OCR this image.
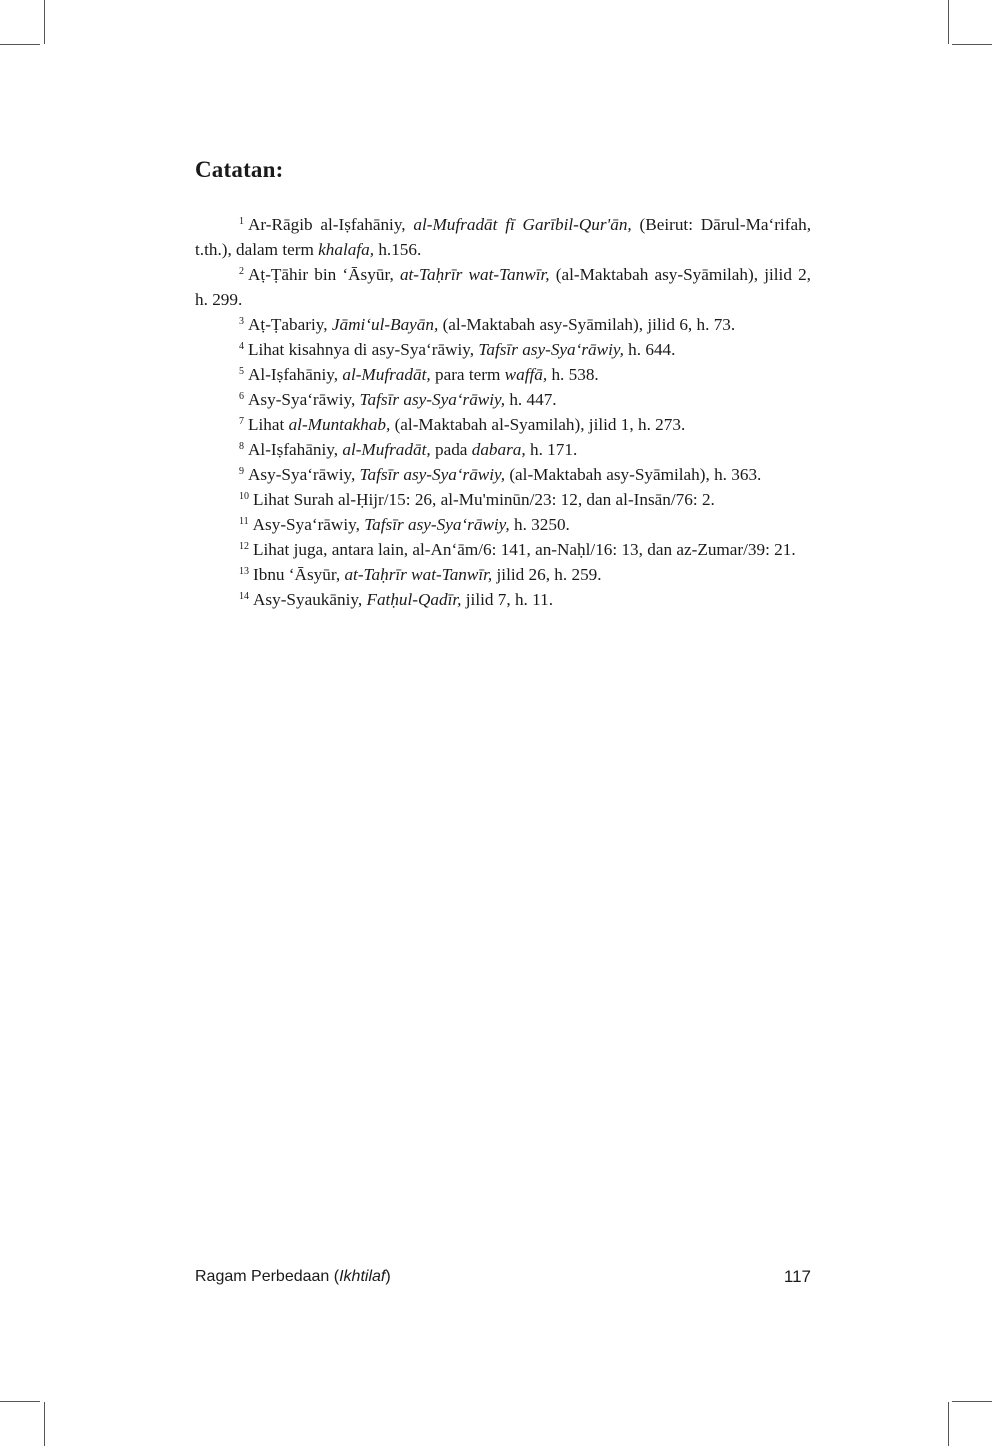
Catatan:

$^1$ Ar-Rāgib al-Iṣfahāniy, al-Mufradāt fī Garībil-Qur'ān, (Beirut: Dārul-Ma‘rifah, t.th.), dalam term khalafa, h.156.

$^2$ Aṭ-Ṭāhir bin ‘Āsyūr, at-Taḥrīr wat-Tanwīr, (al-Maktabah asy-Syāmilah), jilid 2, h. 299.

$^3$ Aṭ-Ṭabariy, Jāmi‘ul-Bayān, (al-Maktabah asy-Syāmilah), jilid 6, h. 73.

$^4$ Lihat kisahnya di asy-Sya‘rāwiy, Tafsīr asy-Sya‘rāwiy, h. 644.

$^5$ Al-Iṣfahāniy, al-Mufradāt, para term waffā, h. 538.

$^6$ Asy-Sya‘rāwiy, Tafsīr asy-Sya‘rāwiy, h. 447.

$^7$ Lihat al-Muntakhab, (al-Maktabah al-Syamilah), jilid 1, h. 273.

$^8$ Al-Iṣfahāniy, al-Mufradāt, pada dabara, h. 171.

$^9$ Asy-Sya‘rāwiy, Tafsīr asy-Sya‘rāwiy, (al-Maktabah asy-Syāmilah), h. 363.

$^{10}$ Lihat Surah al-Ḥijr/15: 26, al-Mu'minūn/23: 12, dan al-Insān/76: 2.

$^{11}$ Asy-Sya‘rāwiy, Tafsīr asy-Sya‘rāwiy, h. 3250.

$^{12}$ Lihat juga, antara lain, al-An‘ām/6: 141, an-Naḥl/16: 13, dan az-Zumar/39: 21.

$^{13}$ Ibnu ‘Āsyūr, at-Taḥrīr wat-Tanwīr, jilid 26, h. 259.

$^{14}$ Asy-Syaukāniy, Fatḥul-Qadīr, jilid 7, h. 11.

Ragam Perbedaan (Ikhtilaf)	117
